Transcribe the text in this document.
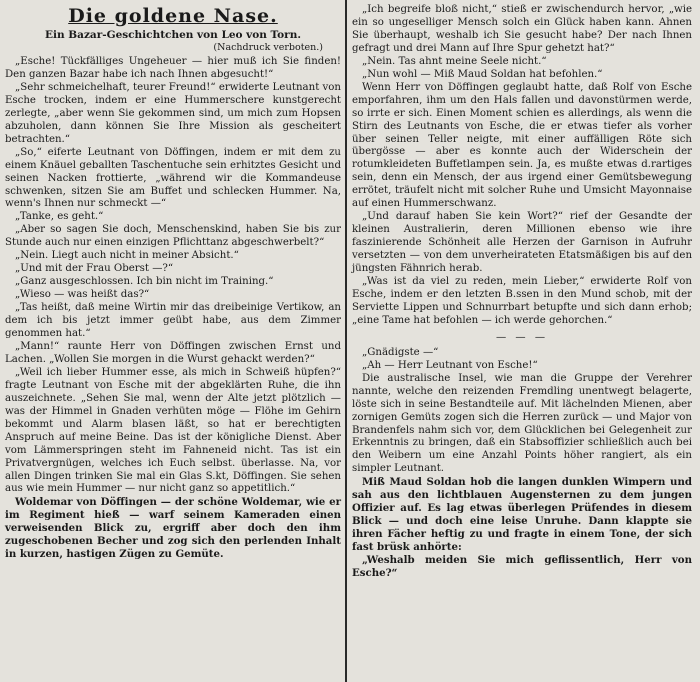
Die goldene Nase.
Ein Bazar-Geschichtchen von Leo von Torn.
(Nachdruck verboten.)

„Esche! Tückfälliges Ungeheuer — hier muß ich Sie finden! Den ganzen Bazar habe ich nach Ihnen abgesucht!“

„Sehr schmeichelhaft, teurer Freund!“ erwiderte Leutnant von Esche trocken, indem er eine Hummerschere kunstgerecht zerlegte, „aber wenn Sie gekommen sind, um mich zum Hopsen abzuholen, dann können Sie Ihre Mission als gescheitert betrachten.“

„So,“ eiferte Leutnant von Döffingen, indem er mit dem zu einem Knäuel geballten Taschentuche sein erhitztes Gesicht und seinen Nacken frottierte, „während wir die Kommandeuse schwenken, sitzen Sie am Buffet und schlecken Hummer. Na, wenn's Ihnen nur schmeckt —“

„Tanke, es geht.“

„Aber so sagen Sie doch, Menschenskind, haben Sie bis zur Stunde auch nur einen einzigen Pflichttanz abgeschwerbelt?“

„Nein. Liegt auch nicht in meiner Absicht.“

„Und mit der Frau Oberst —?“

„Ganz ausgeschlossen. Ich bin nicht im Training.“

„Wieso — was heißt das?“

„Tas heißt, daß meine Wirtin mir das dreibeinige Vertikow, an dem ich bis jetzt immer geübt habe, aus dem Zimmer genommen hat.“

„Mann!“ raunte Herr von Döffingen zwischen Ernst und Lachen. „Wollen Sie morgen in die Wurst gehackt werden?“

„Weil ich lieber Hummer esse, als mich in Schweiß hüpfen?“ fragte Leutnant von Esche mit der abgeklärten Ruhe, die ihn auszeichnete. „Sehen Sie mal, wenn der Alte jetzt plötzlich — was der Himmel in Gnaden verhüten möge — Flöhe im Gehirn bekommt und Alarm blasen läßt, so hat er berechtigten Anspruch auf meine Beine. Das ist der königliche Dienst. Aber vom Lämmerspringen steht im Fahneneid nicht. Tas ist ein Privatvergnügen, welches ich Euch selbst. überlasse. Na, vor allen Dingen trinken Sie mal ein Glas S.kt, Döffingen. Sie sehen aus wie mein Hummer — nur nicht ganz so appetitlich.“

Woldemar von Döffingen — der schöne Woldemar, wie er im Regiment hieß — warf seinem Kameraden einen verweisenden Blick zu, ergriff aber doch den ihm zugeschobenen Becher und zog sich den perlenden Inhalt in kurzen, hastigen Zügen zu Gemüte.

„Ich begreife bloß nicht,“ stieß er zwischendurch hervor, „wie ein so ungeselliger Mensch solch ein Glück haben kann. Ahnen Sie überhaupt, weshalb ich Sie gesucht habe? Der nach Ihnen gefragt und drei Mann auf Ihre Spur gehetzt hat?“

„Nein. Tas ahnt meine Seele nicht.“

„Nun wohl — Miß Maud Soldan hat befohlen.“

Wenn Herr von Döffingen geglaubt hatte, daß Rolf von Esche emporfahren, ihm um den Hals fallen und davonstürmen werde, so irrte er sich. Einen Moment schien es allerdings, als wenn die Stirn des Leutnants von Esche, die er etwas tiefer als vorher über seinen Teller neigte, mit einer auffälligen Röte sich übergösse — aber es konnte auch der Widerschein der rotumkleideten Buffetlampen sein. Ja, es mußte etwas d.rartiges sein, denn ein Mensch, der aus irgend einer Gemütsbewegung errötet, träufelt nicht mit solcher Ruhe und Umsicht Mayonnaise auf einen Hummerschwanz.

„Und darauf haben Sie kein Wort?“ rief der Gesandte der kleinen Australierin, deren Millionen ebenso wie ihre faszinierende Schönheit alle Herzen der Garnison in Aufruhr versetzten — von dem unverheirateten Etatsmäßigen bis auf den jüngsten Fähnrich herab.

„Was ist da viel zu reden, mein Lieber,“ erwiderte Rolf von Esche, indem er den letzten B.ssen in den Mund schob, mit der Serviette Lippen und Schnurrbart betupfte und sich dann erhob; „eine Tame hat befohlen — ich werde gehorchen.“

— — —

„Gnädigste —“

„Ah — Herr Leutnant von Esche!“

Die australische Insel, wie man die Gruppe der Verehrer nannte, welche den reizenden Fremdling unentwegt belagerte, löste sich in seine Bestandteile auf. Mit lächelnden Mienen, aber zornigen Gemüts zogen sich die Herren zurück — und Major von Brandenfels nahm sich vor, dem Glücklichen bei Gelegenheit zur Erkenntnis zu bringen, daß ein Stabsoffizier schließlich auch bei den Weibern um eine Anzahl Points höher rangiert, als ein simpler Leutnant.

Miß Maud Soldan hob die langen dunklen Wimpern und sah aus den lichtblauen Augensternen zu dem jungen Offizier auf. Es lag etwas überlegen Prüfendes in diesem Blick — und doch eine leise Unruhe. Dann klappte sie ihren Fächer heftig zu und fragte in einem Tone, der sich fast brüsk anhörte:

„Weshalb meiden Sie mich geflissentlich, Herr von Esche?“
